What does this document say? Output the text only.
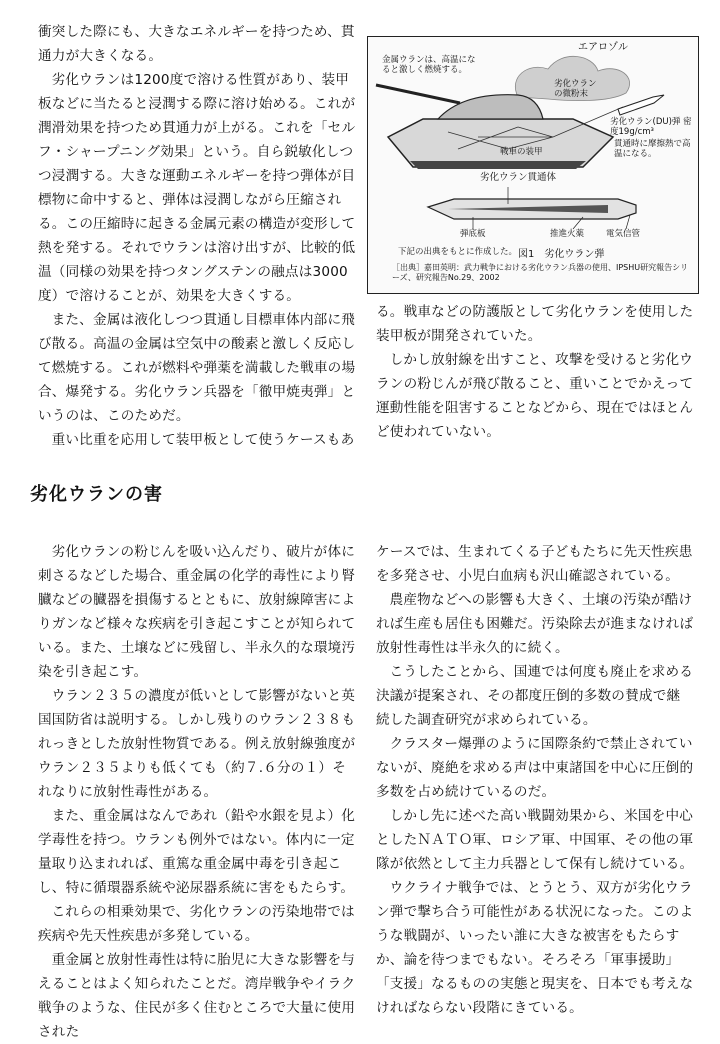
衝突した際にも、大きなエネルギーを持つため、貫通力が大きくなる。

劣化ウランは1200度で溶ける性質があり、装甲板などに当たると浸潤する際に溶け始める。これが潤滑効果を持つため貫通力が上がる。これを「セルフ・シャープニング効果」という。自ら鋭敏化しつつ浸潤する。大きな運動エネルギーを持つ弾体が目標物に命中すると、弾体は浸潤しながら圧縮される。この圧縮時に起きる金属元素の構造が変形して熱を発する。それでウランは溶け出すが、比較的低温（同様の効果を持つタングステンの融点は3000度）で溶けることが、効果を大きくする。

また、金属は液化しつつ貫通し目標車体内部に飛び散る。高温の金属は空気中の酸素と激しく反応して燃焼する。これが燃料や弾薬を満載した戦車の場合、爆発する。劣化ウラン兵器を「徹甲焼夷弾」というのは、このためだ。

重い比重を応用して装甲板として使うケースもあ

エアロゾル
金属ウランは、高温になると激しく燃焼する。
劣化ウランの微粉末
劣化ウラン(DU)弾 密度19g/cm³
貫通時に摩擦熱で高温になる。
戦車の装甲
劣化ウラン貫通体
弾底板	推進火薬	電気信管
下記の出典をもとに作成した。 図1　劣化ウラン弾
［出典］嘉田英明：武力戦争における劣化ウラン兵器の使用、IPSHU研究報告シリーズ、研究報告No.29、2002

る。戦車などの防護版として劣化ウランを使用した装甲板が開発されていた。

しかし放射線を出すこと、攻撃を受けると劣化ウランの粉じんが飛び散ること、重いことでかえって運動性能を阻害することなどから、現在ではほとんど使われていない。

劣化ウランの害

劣化ウランの粉じんを吸い込んだり、破片が体に刺さるなどした場合、重金属の化学的毒性により腎臓などの臓器を損傷するとともに、放射線障害によりガンなど様々な疾病を引き起こすことが知られている。また、土壌などに残留し、半永久的な環境汚染を引き起こす。

ウラン２３５の濃度が低いとして影響がないと英国国防省は説明する。しかし残りのウラン２３８もれっきとした放射性物質である。例え放射線強度がウラン２３５よりも低くても（約７.６分の１）それなりに放射性毒性がある。

また、重金属はなんであれ（鉛や水銀を見よ）化学毒性を持つ。ウランも例外ではない。体内に一定量取り込まれれば、重篤な重金属中毒を引き起こし、特に循環器系統や泌尿器系統に害をもたらす。

これらの相乗効果で、劣化ウランの汚染地帯では疾病や先天性疾患が多発している。

重金属と放射性毒性は特に胎児に大きな影響を与えることはよく知られたことだ。湾岸戦争やイラク戦争のような、住民が多く住むところで大量に使用された

ケースでは、生まれてくる子どもたちに先天性疾患を多発させ、小児白血病も沢山確認されている。

農産物などへの影響も大きく、土壌の汚染が酷ければ生産も居住も困難だ。汚染除去が進まなければ放射性毒性は半永久的に続く。

こうしたことから、国連では何度も廃止を求める決議が提案され、その都度圧倒的多数の賛成で継続した調査研究が求められている。

クラスター爆弾のように国際条約で禁止されていないが、廃絶を求める声は中東諸国を中心に圧倒的多数を占め続けているのだ。

しかし先に述べた高い戦闘効果から、米国を中心としたＮＡＴＯ軍、ロシア軍、中国軍、その他の軍隊が依然として主力兵器として保有し続けている。

ウクライナ戦争では、とうとう、双方が劣化ウラン弾で撃ち合う可能性がある状況になった。このような戦闘が、いったい誰に大きな被害をもたらすか、論を待つまでもない。そろそろ「軍事援助」「支援」なるものの実態と現実を、日本でも考えなければならない段階にきている。
